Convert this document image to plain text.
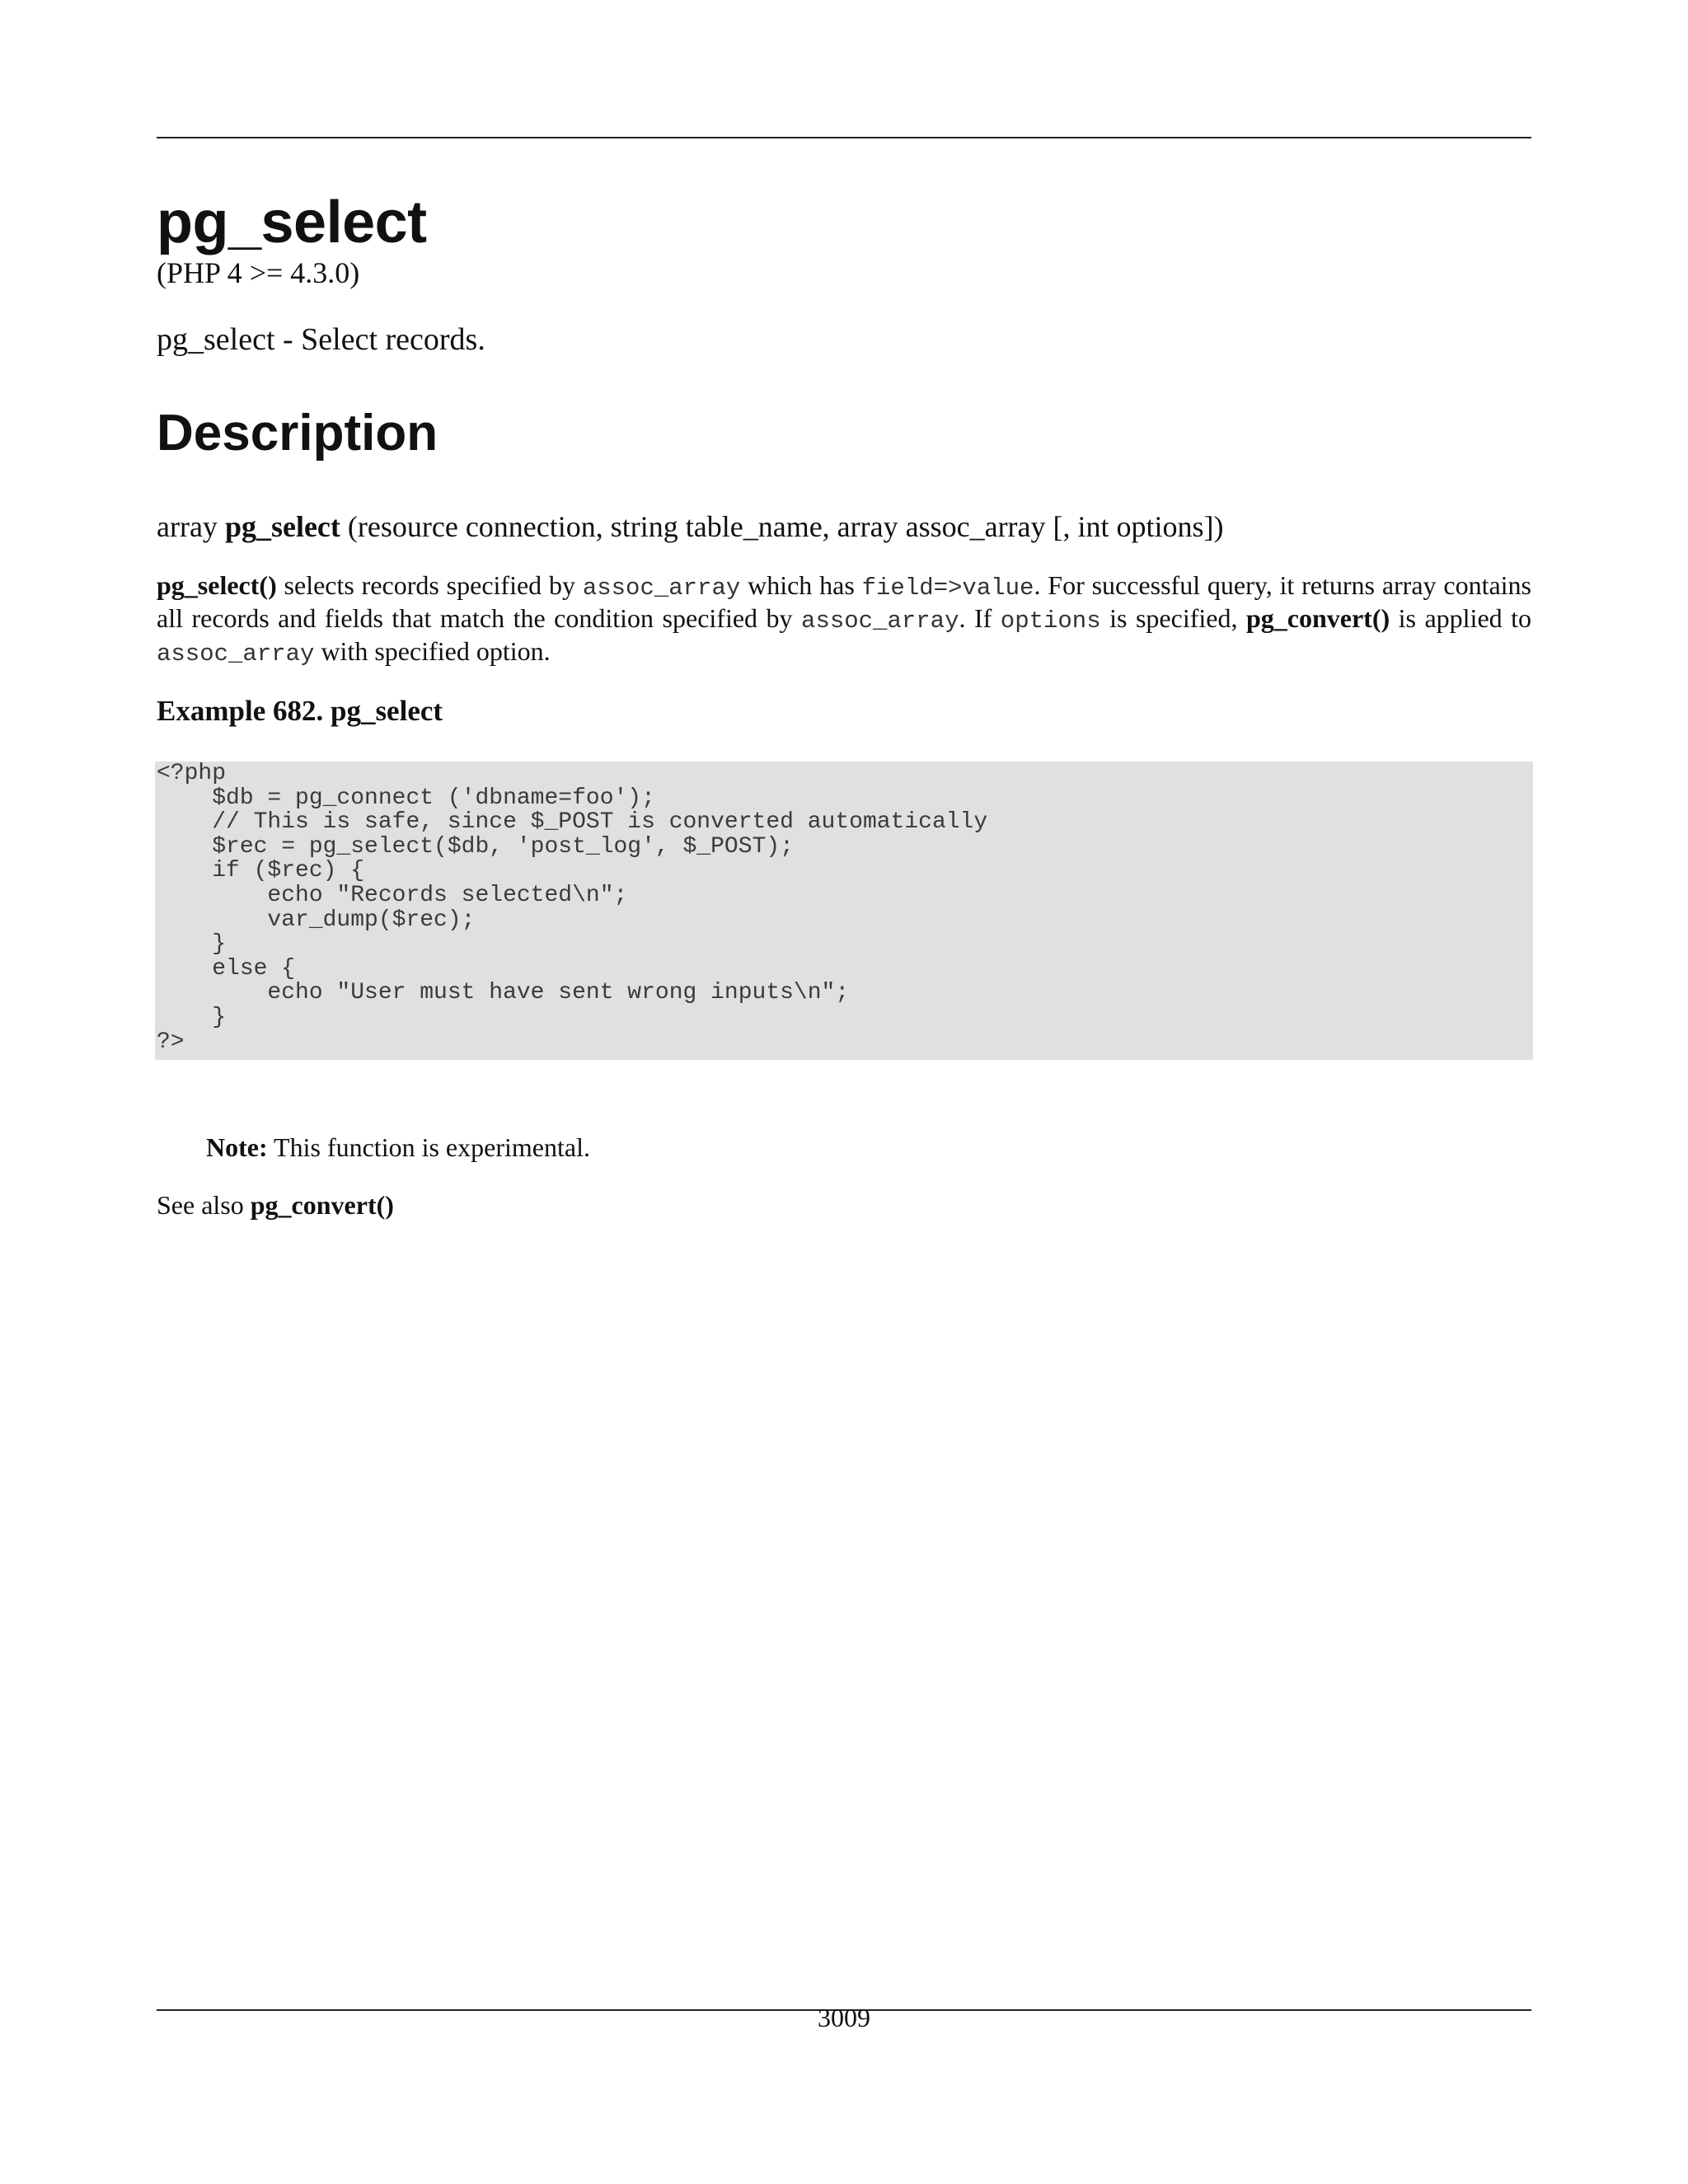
pg_select
(PHP 4 >= 4.3.0)
pg_select - Select records.
Description
array pg_select (resource connection, string table_name, array assoc_array [, int options])
pg_select() selects records specified by assoc_array which has field=>value. For successful query, it returns array contains all records and fields that match the condition specified by assoc_array. If options is specified, pg_convert() is applied to assoc_array with specified option.
Example 682. pg_select
<?php
$db = pg_connect ('dbname=foo');
// This is safe, since $_POST is converted automatically
$rec = pg_select($db, 'post_log', $_POST);
if ($rec) {
echo "Records selected\n";
var_dump($rec);
}
else {
echo "User must have sent wrong inputs\n";
}
?>
Note: This function is experimental.
See also pg_convert()
3009
